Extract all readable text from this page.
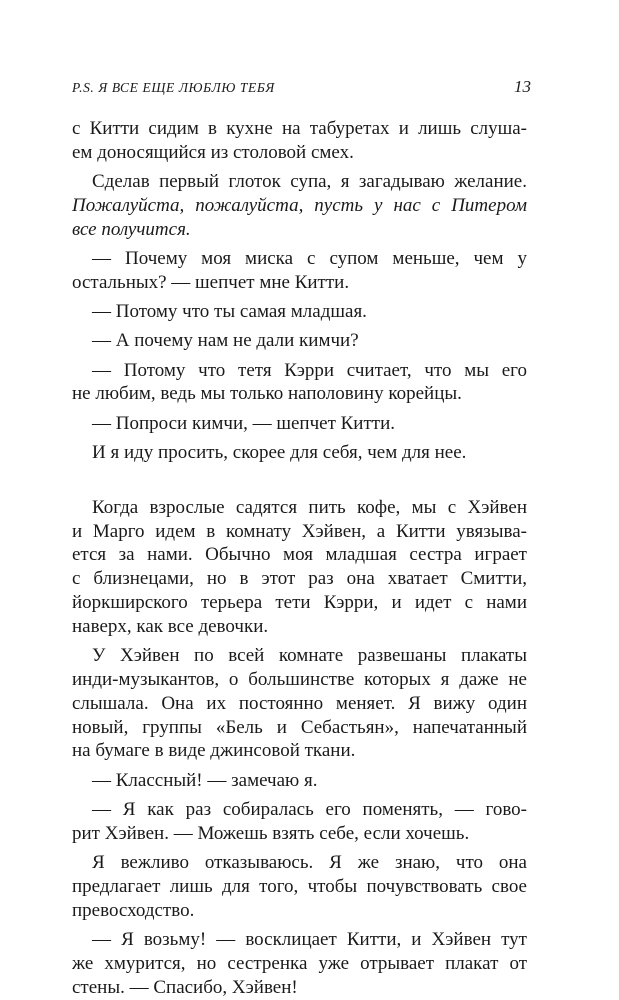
P.S. Я ВСЕ ЕЩЕ ЛЮБЛЮ ТЕБЯ	13
с Китти сидим в кухне на табуретах и лишь слуша-
ем доносящийся из столовой смех.
Сделав первый глоток супа, я загадываю желание.
Пожалуйста, пожалуйста, пусть у нас с Питером
все получится.
— Почему моя миска с супом меньше, чем у
остальных? — шепчет мне Китти.
— Потому что ты самая младшая.
— А почему нам не дали кимчи?
— Потому что тетя Кэрри считает, что мы его
не любим, ведь мы только наполовину корейцы.
— Попроси кимчи, — шепчет Китти.
И я иду просить, скорее для себя, чем для нее.
Когда взрослые садятся пить кофе, мы с Хэйвен
и Марго идем в комнату Хэйвен, а Китти увязыва-
ется за нами. Обычно моя младшая сестра играет
с близнецами, но в этот раз она хватает Смитти,
йоркширского терьера тети Кэрри, и идет с нами
наверх, как все девочки.
У Хэйвен по всей комнате развешаны плакаты
инди-музыкантов, о большинстве которых я даже не
слышала. Она их постоянно меняет. Я вижу один
новый, группы «Бель и Себастьян», напечатанный
на бумаге в виде джинсовой ткани.
— Классный! — замечаю я.
— Я как раз собиралась его поменять, — гово-
рит Хэйвен. — Можешь взять себе, если хочешь.
Я вежливо отказываюсь. Я же знаю, что она
предлагает лишь для того, чтобы почувствовать свое
превосходство.
— Я возьму! — восклицает Китти, и Хэйвен тут
же хмурится, но сестренка уже отрывает плакат от
стены. — Спасибо, Хэйвен!
